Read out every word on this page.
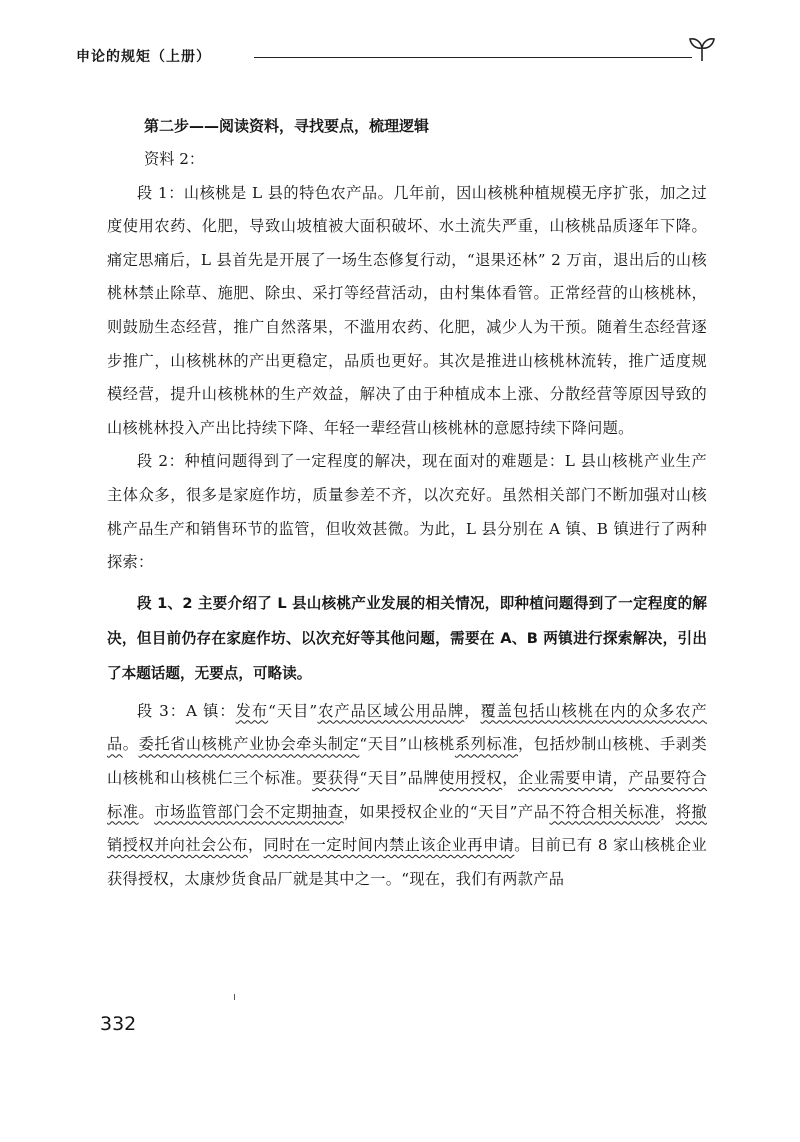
申论的规矩（上册）
第二步——阅读资料，寻找要点，梳理逻辑
资料 2：

段 1：山核桃是 L 县的特色农产品。几年前，因山核桃种植规模无序扩张，加之过度使用农药、化肥，导致山坡植被大面积破坏、水土流失严重，山核桃品质逐年下降。痛定思痛后，L 县首先是开展了一场生态修复行动，“退果还林” 2 万亩，退出后的山核桃林禁止除草、施肥、除虫、采打等经营活动，由村集体看管。正常经营的山核桃林，则鼓励生态经营，推广自然落果，不滥用农药、化肥，减少人为干预。随着生态经营逐步推广，山核桃林的产出更稳定，品质也更好。其次是推进山核桃林流转，推广适度规模经营，提升山核桃林的生产效益，解决了由于种植成本上涨、分散经营等原因导致的山核桃林投入产出比持续下降、年轻一辈经营山核桃林的意愿持续下降问题。

段 2：种植问题得到了一定程度的解决，现在面对的难题是：L 县山核桃产业生产主体众多，很多是家庭作坊，质量参差不齐，以次充好。虽然相关部门不断加强对山核桃产品生产和销售环节的监管，但收效甚微。为此，L 县分别在 A 镇、B 镇进行了两种探索：

段 1、2 主要介绍了 L 县山核桃产业发展的相关情况，即种植问题得到了一定程度的解决，但目前仍存在家庭作坊、以次充好等其他问题，需要在 A、B 两镇进行探索解决，引出了本题话题，无要点，可略读。

段 3：A 镇：发布“天目”农产品区域公用品牌，覆盖包括山核桃在内的众多农产品。委托省山核桃产业协会牵头制定“天目”山核桃系列标准，包括炒制山核桃、手剥类山核桃和山核桃仁三个标准。要获得“天目”品牌使用授权，企业需要申请，产品要符合标准。市场监管部门会不定期抽查，如果授权企业的“天目”产品不符合相关标准，将撤销授权并向社会公布，同时在一定时间内禁止该企业再申请。目前已有 8 家山核桃企业获得授权，太康炒货食品厂就是其中之一。“现在，我们有两款产品

332
